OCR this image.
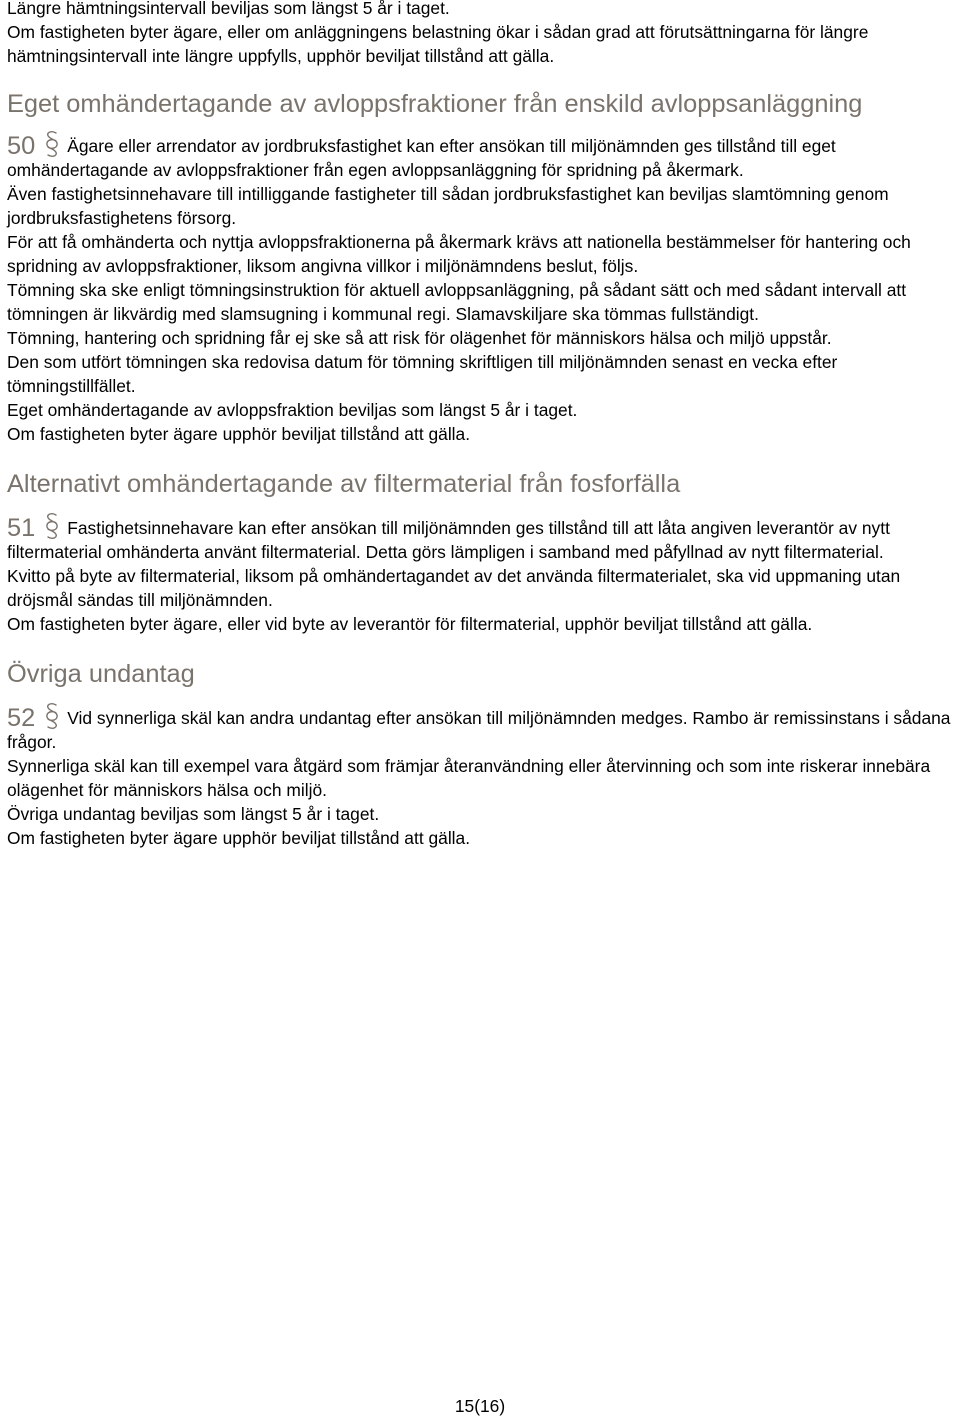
Längre hämtningsintervall beviljas som längst 5 år i taget.

Om fastigheten byter ägare, eller om anläggningens belastning ökar i sådan grad att förutsättningarna för längre hämtningsintervall inte längre uppfylls, upphör beviljat tillstånd att gälla.

Eget omhändertagande av avloppsfraktioner från enskild avloppsanläggning

50 Ägare eller arrendator av jordbruksfastighet kan efter ansökan till miljönämnden ges tillstånd till eget omhändertagande av avloppsfraktioner från egen avloppsanläggning för spridning på åkermark.

Även fastighetsinnehavare till intilliggande fastigheter till sådan jordbruksfastighet kan beviljas slamtömning genom jordbruksfastighetens försorg.

För att få omhänderta och nyttja avloppsfraktionerna på åkermark krävs att nationella bestämmelser för hantering och spridning av avloppsfraktioner, liksom angivna villkor i miljönämndens beslut, följs.

Tömning ska ske enligt tömningsinstruktion för aktuell avloppsanläggning, på sådant sätt och med sådant intervall att tömningen är likvärdig med slamsugning i kommunal regi. Slamavskiljare ska tömmas fullständigt.

Tömning, hantering och spridning får ej ske så att risk för olägenhet för människors hälsa och miljö uppstår.

Den som utfört tömningen ska redovisa datum för tömning skriftligen till miljönämnden senast en vecka efter tömningstillfället.

Eget omhändertagande av avloppsfraktion beviljas som längst 5 år i taget.

Om fastigheten byter ägare upphör beviljat tillstånd att gälla.

Alternativt omhändertagande av filtermaterial från fosforfälla

51 Fastighetsinnehavare kan efter ansökan till miljönämnden ges tillstånd till att låta angiven leverantör av nytt filtermaterial omhänderta använt filtermaterial. Detta görs lämpligen i samband med påfyllnad av nytt filtermaterial.

Kvitto på byte av filtermaterial, liksom på omhändertagandet av det använda filtermaterialet, ska vid uppmaning utan dröjsmål sändas till miljönämnden.

Om fastigheten byter ägare, eller vid byte av leverantör för filtermaterial, upphör beviljat tillstånd att gälla.

Övriga undantag

52 Vid synnerliga skäl kan andra undantag efter ansökan till miljönämnden medges. Rambo är remissinstans i sådana frågor.

Synnerliga skäl kan till exempel vara åtgärd som främjar återanvändning eller återvinning och som inte riskerar innebära olägenhet för människors hälsa och miljö.

Övriga undantag beviljas som längst 5 år i taget.

Om fastigheten byter ägare upphör beviljat tillstånd att gälla.

15(16)
